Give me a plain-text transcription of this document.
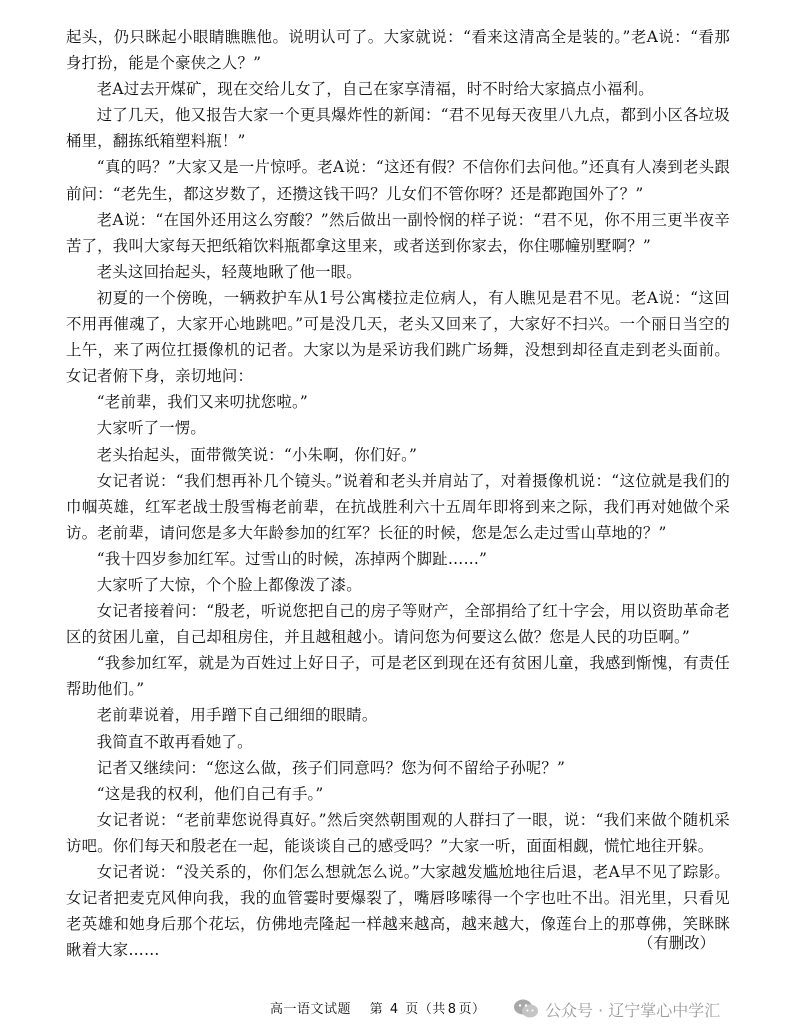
起头，仍只眯起小眼睛瞧瞧他。说明认可了。大家就说：“看来这清高全是装的。”老A说：“看那身打扮，能是个豪侠之人？”

老A过去开煤矿，现在交给儿女了，自己在家享清福，时不时给大家搞点小福利。

过了几天，他又报告大家一个更具爆炸性的新闻：“君不见每天夜里八九点，都到小区各垃圾桶里，翻拣纸箱塑料瓶！”

“真的吗？”大家又是一片惊呼。老A说：“这还有假？不信你们去问他。”还真有人凑到老头跟前问：“老先生，都这岁数了，还攒这钱干吗？儿女们不管你呀？还是都跑国外了？”

老A说：“在国外还用这么穷酸？”然后做出一副怜悯的样子说：“君不见，你不用三更半夜辛苦了，我叫大家每天把纸箱饮料瓶都拿这里来，或者送到你家去，你住哪幢别墅啊？”

老头这回抬起头，轻蔑地瞅了他一眼。

初夏的一个傍晚，一辆救护车从1号公寓楼拉走位病人，有人瞧见是君不见。老A说：“这回不用再催魂了，大家开心地跳吧。”可是没几天，老头又回来了，大家好不扫兴。一个丽日当空的上午，来了两位扛摄像机的记者。大家以为是采访我们跳广场舞，没想到却径直走到老头面前。女记者俯下身，亲切地问：

“老前辈，我们又来叨扰您啦。”

大家听了一愣。

老头抬起头，面带微笑说：“小朱啊，你们好。”

女记者说：“我们想再补几个镜头。”说着和老头并肩站了，对着摄像机说：“这位就是我们的巾帼英雄，红军老战士殷雪梅老前辈，在抗战胜利六十五周年即将到来之际，我们再对她做个采访。老前辈，请问您是多大年龄参加的红军？长征的时候，您是怎么走过雪山草地的？”

“我十四岁参加红军。过雪山的时候，冻掉两个脚趾……”

大家听了大惊，个个脸上都像泼了漆。

女记者接着问：“殷老，听说您把自己的房子等财产，全部捐给了红十字会，用以资助革命老区的贫困儿童，自己却租房住，并且越租越小。请问您为何要这么做？您是人民的功臣啊。”

“我参加红军，就是为百姓过上好日子，可是老区到现在还有贫困儿童，我感到惭愧，有责任帮助他们。”

老前辈说着，用手蹭下自己细细的眼睛。

我简直不敢再看她了。

记者又继续问：“您这么做，孩子们同意吗？您为何不留给子孙呢？”

“这是我的权利，他们自己有手。”

女记者说：“老前辈您说得真好。”然后突然朝围观的人群扫了一眼，说：“我们来做个随机采访吧。你们每天和殷老在一起，能谈谈自己的感受吗？”大家一听，面面相觑，慌忙地往开躲。

女记者说：“没关系的，你们怎么想就怎么说。”大家越发尴尬地往后退，老A早不见了踪影。女记者把麦克风伸向我，我的血管霎时要爆裂了，嘴唇哆嗦得一个字也吐不出。泪光里，只看见老英雄和她身后那个花坛，仿佛地壳隆起一样越来越高，越来越大，像莲台上的那尊佛，笑眯眯瞅着大家……	（有删改）
高一语文试题 第 4 页（共 8 页）	公众号 · 辽宁掌心中学汇
